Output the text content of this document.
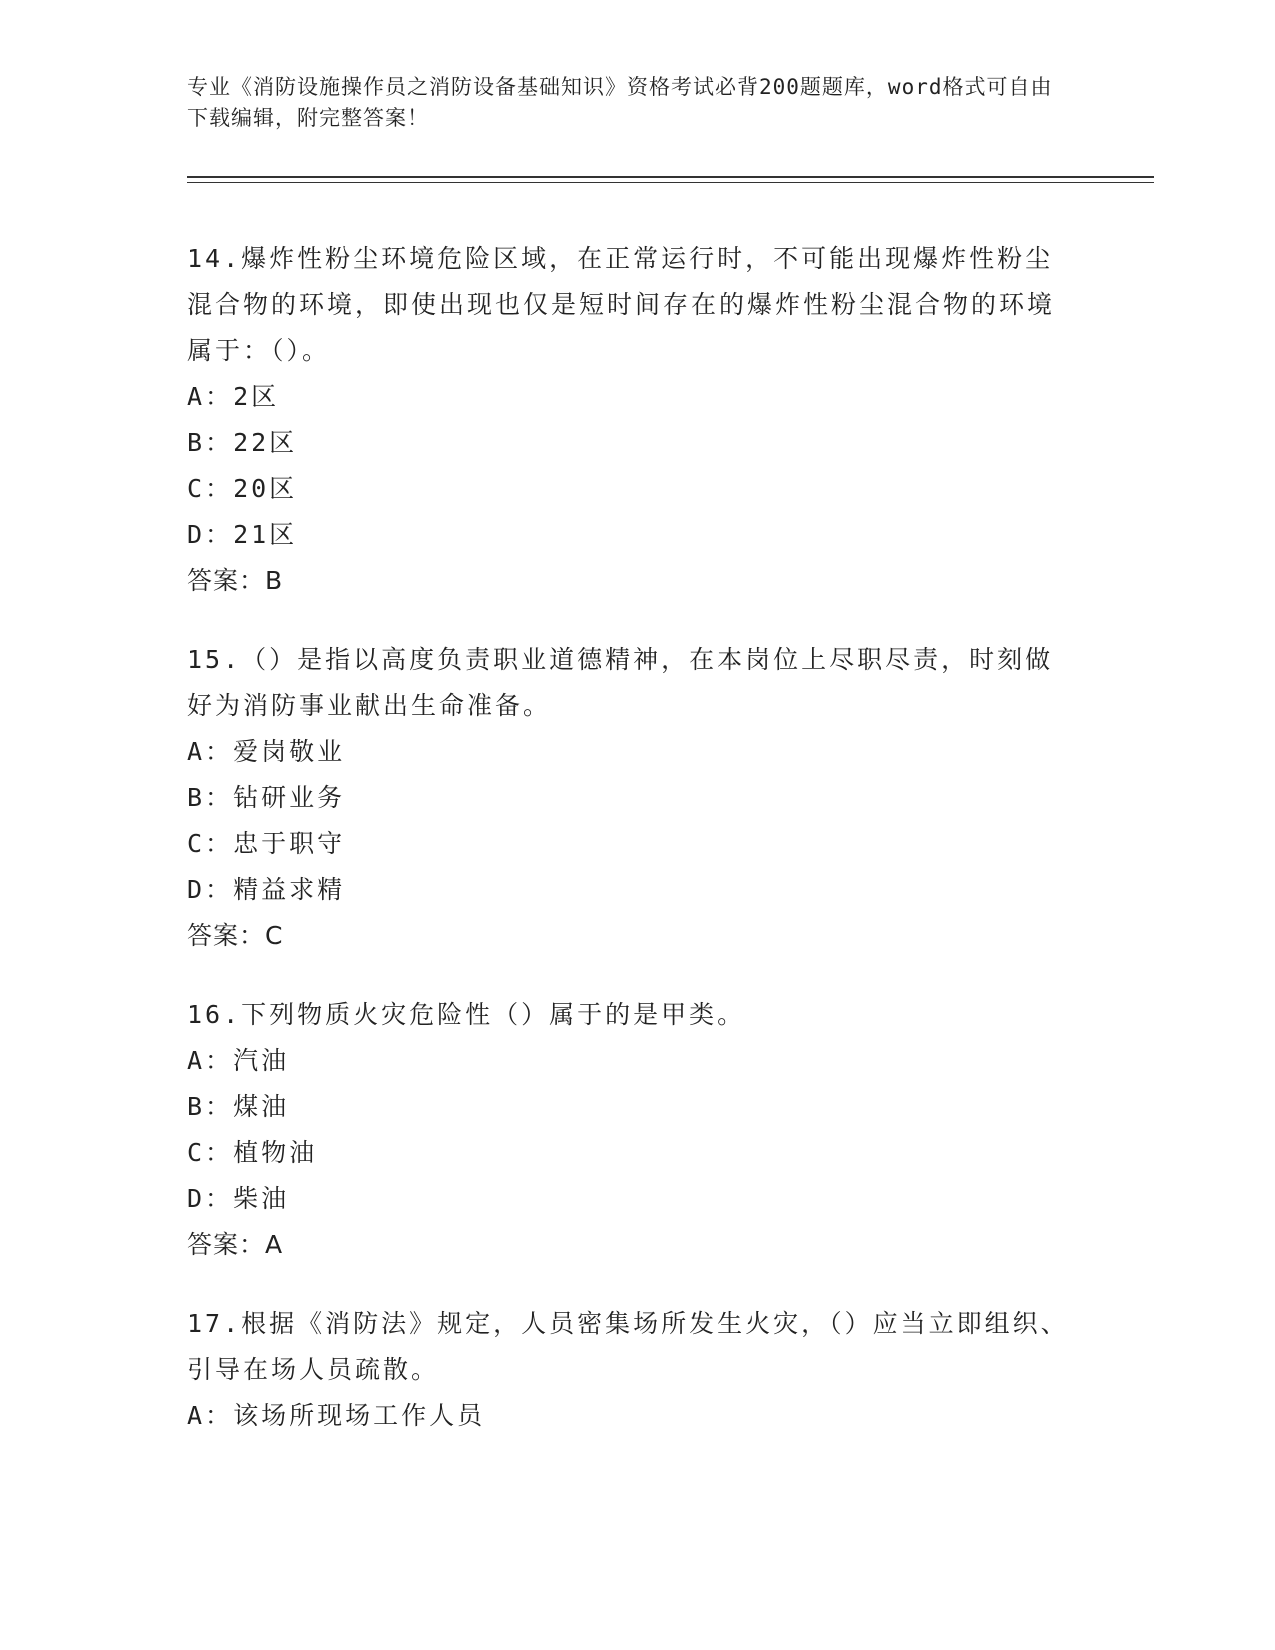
专业《消防设施操作员之消防设备基础知识》资格考试必背200题题库，word格式可自由下载编辑，附完整答案！

14.爆炸性粉尘环境危险区域，在正常运行时，不可能出现爆炸性粉尘混合物的环境，即使出现也仅是短时间存在的爆炸性粉尘混合物的环境属于：（）。

A： 2区

B： 22区

C： 20区

D： 21区

答案：B

15.（）是指以高度负责职业道德精神，在本岗位上尽职尽责，时刻做好为消防事业献出生命准备。

A： 爱岗敬业

B： 钻研业务

C： 忠于职守

D： 精益求精

答案：C

16.下列物质火灾危险性（）属于的是甲类。

A： 汽油

B： 煤油

C： 植物油

D： 柴油

答案：A

17.根据《消防法》规定，人员密集场所发生火灾，（）应当立即组织、引导在场人员疏散。

A： 该场所现场工作人员
